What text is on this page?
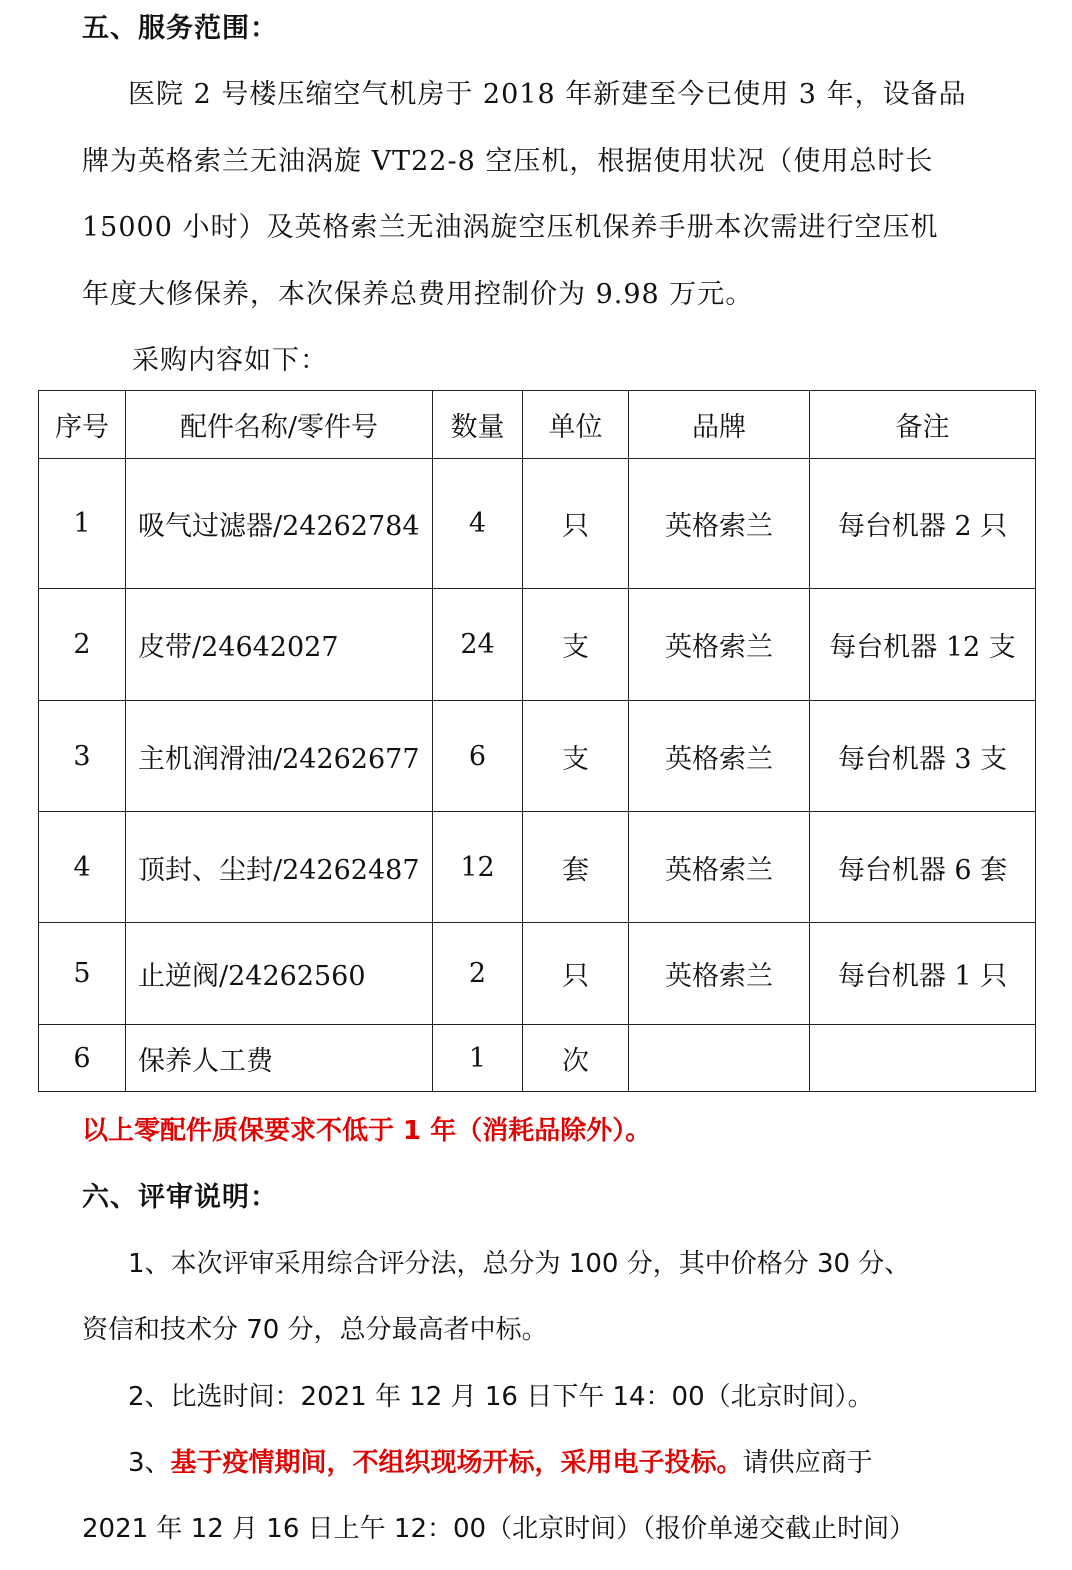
五、服务范围：
医院 2 号楼压缩空气机房于 2018 年新建至今已使用 3 年，设备品
牌为英格索兰无油涡旋 VT22-8 空压机，根据使用状况（使用总时长
15000 小时）及英格索兰无油涡旋空压机保养手册本次需进行空压机
年度大修保养，本次保养总费用控制价为 9.98 万元。
采购内容如下：
序号	配件名称/零件号	数量	单位	品牌	备注
1	吸气过滤器/24262784	4	只	英格索兰	每台机器 2 只
2	皮带/24642027	24	支	英格索兰	每台机器 12 支
3	主机润滑油/24262677	6	支	英格索兰	每台机器 3 支
4	顶封、尘封/24262487	12	套	英格索兰	每台机器 6 套
5	止逆阀/24262560	2	只	英格索兰	每台机器 1 只
6	保养人工费	1	次		
以上零配件质保要求不低于 1 年（消耗品除外）。
六、评审说明：
1、本次评审采用综合评分法，总分为 100 分，其中价格分 30 分、
资信和技术分 70 分，总分最高者中标。
2、比选时间：2021 年 12 月 16 日下午 14：00（北京时间）。
3、基于疫情期间，不组织现场开标，采用电子投标。请供应商于
2021 年 12 月 16 日上午 12：00（北京时间）（报价单递交截止时间）
